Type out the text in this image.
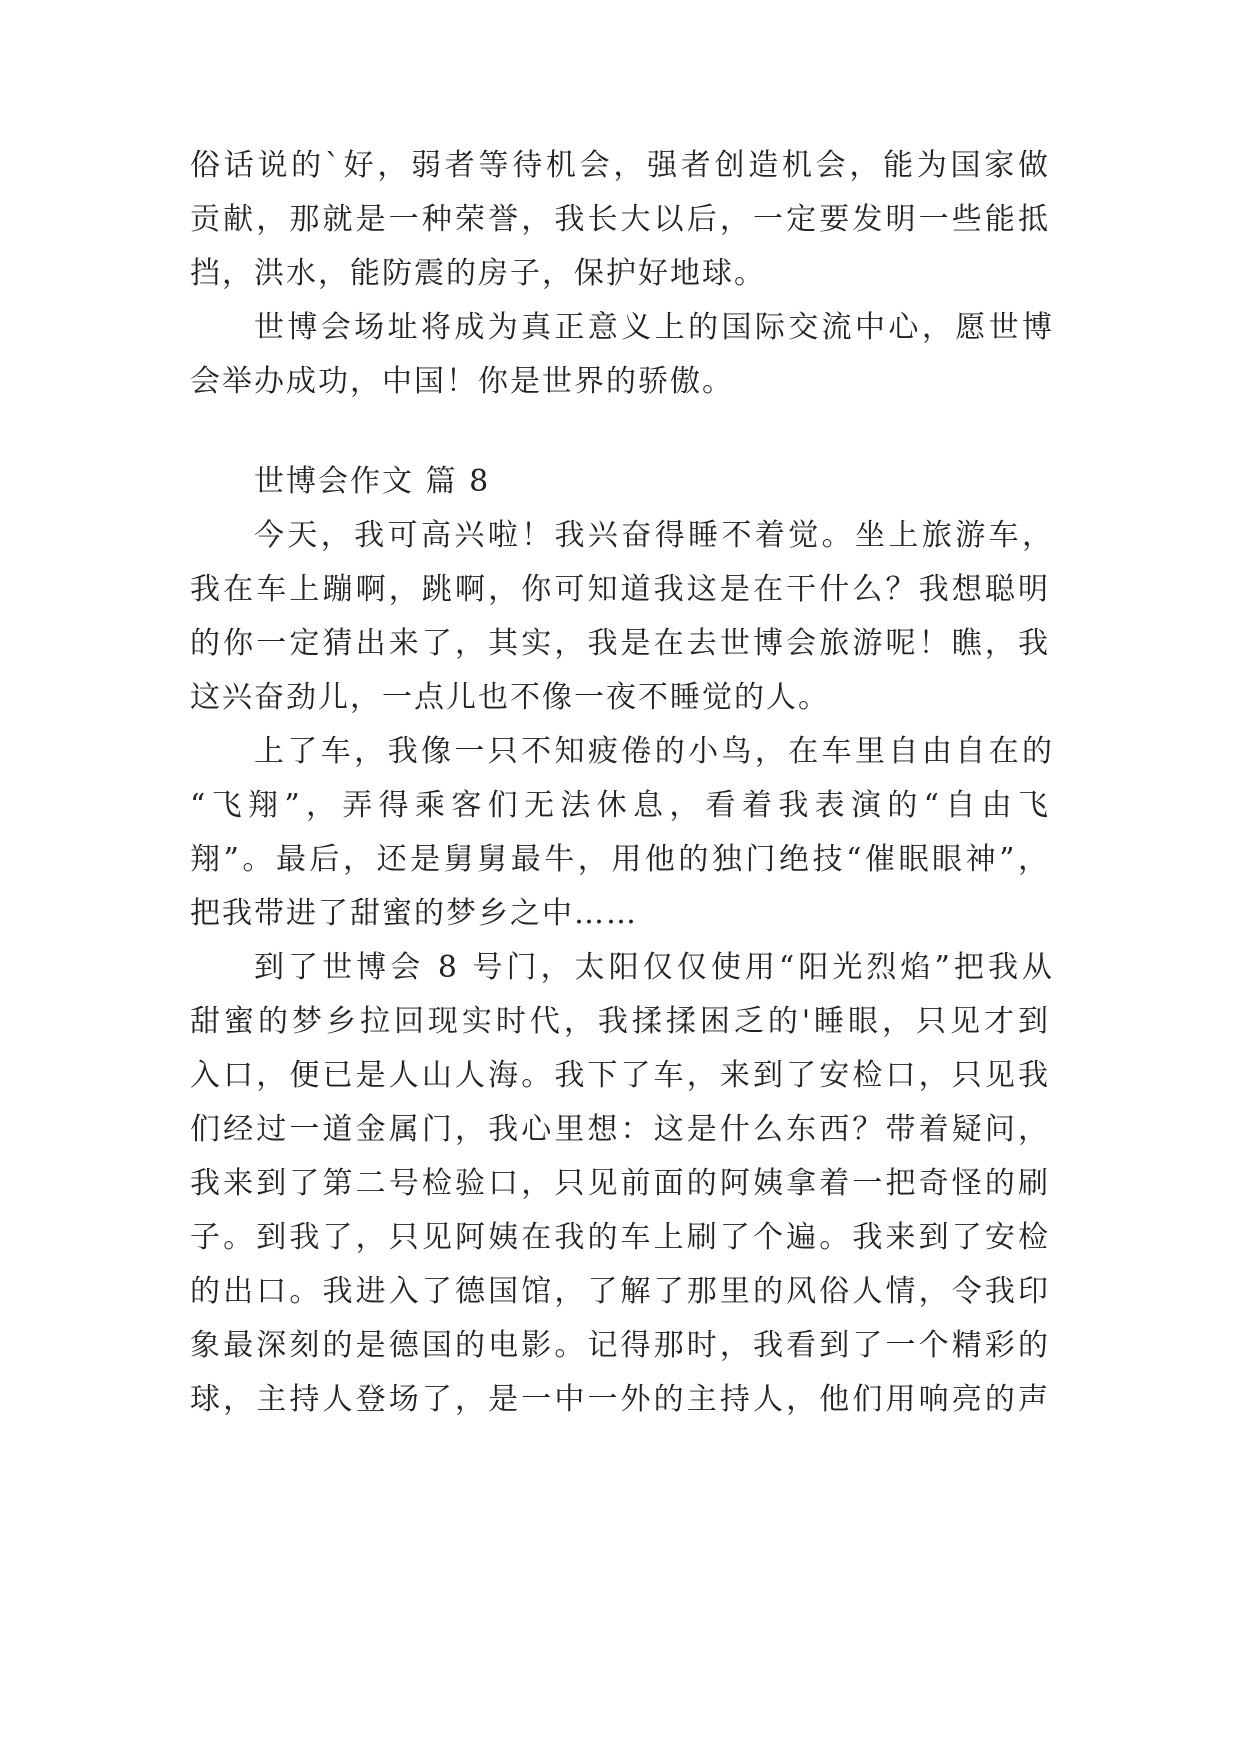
俗话说的`好，弱者等待机会，强者创造机会，能为国家做
贡献，那就是一种荣誉，我长大以后，一定要发明一些能抵
挡，洪水，能防震的房子，保护好地球。
世博会场址将成为真正意义上的国际交流中心，愿世博
会举办成功，中国！你是世界的骄傲。
世博会作文 篇 8
今天，我可高兴啦！我兴奋得睡不着觉。坐上旅游车，
我在车上蹦啊，跳啊，你可知道我这是在干什么？我想聪明
的你一定猜出来了，其实，我是在去世博会旅游呢！瞧，我
这兴奋劲儿，一点儿也不像一夜不睡觉的人。
上了车，我像一只不知疲倦的小鸟，在车里自由自在的
“飞翔”，弄得乘客们无法休息，看着我表演的“自由飞
翔”。最后，还是舅舅最牛，用他的独门绝技“催眠眼神”，
把我带进了甜蜜的梦乡之中……
到了世博会 8 号门，太阳仅仅使用“阳光烈焰”把我从
甜蜜的梦乡拉回现实时代，我揉揉困乏的'睡眼，只见才到
入口，便已是人山人海。我下了车，来到了安检口，只见我
们经过一道金属门，我心里想：这是什么东西？带着疑问，
我来到了第二号检验口，只见前面的阿姨拿着一把奇怪的刷
子。到我了，只见阿姨在我的车上刷了个遍。我来到了安检
的出口。我进入了德国馆，了解了那里的风俗人情，令我印
象最深刻的是德国的电影。记得那时，我看到了一个精彩的
球，主持人登场了，是一中一外的主持人，他们用响亮的声
